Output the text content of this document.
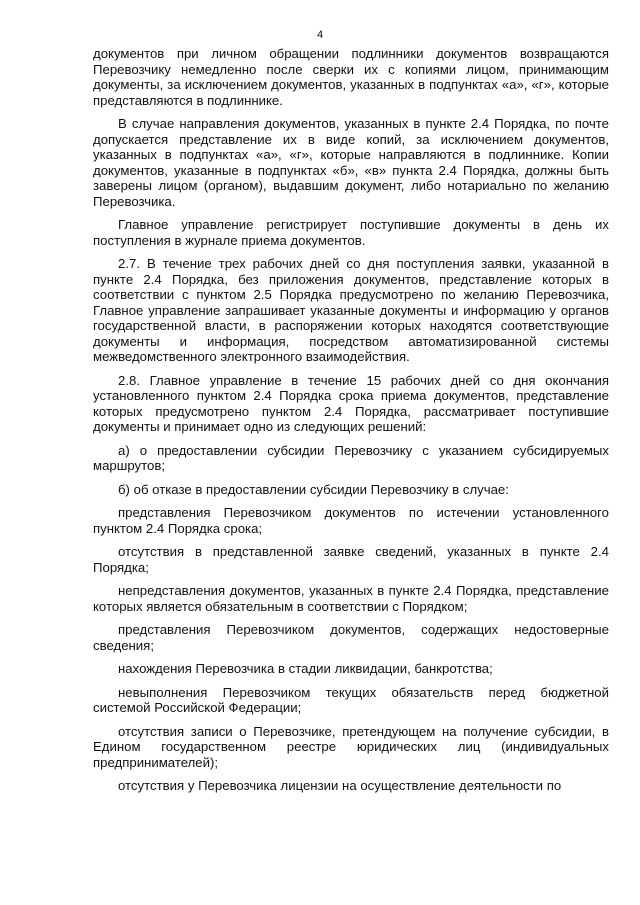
4

документов при личном обращении подлинники документов возвращаются Перевозчику немедленно после сверки их с копиями лицом, принимающим документы, за исключением документов, указанных в подпунктах «а», «г», которые представляются в подлиннике.

В случае направления документов, указанных в пункте 2.4 Порядка, по почте допускается представление их в виде копий, за исключением документов, указанных в подпунктах «а», «г», которые направляются в подлиннике. Копии документов, указанные в подпунктах «б», «в» пункта 2.4 Порядка, должны быть заверены лицом (органом), выдавшим документ, либо нотариально по желанию Перевозчика.

Главное управление регистрирует поступившие документы в день их поступления в журнале приема документов.

2.7. В течение трех рабочих дней со дня поступления заявки, указанной в пункте 2.4 Порядка, без приложения документов, представление которых в соответствии с пунктом 2.5 Порядка предусмотрено по желанию Перевозчика, Главное управление запрашивает указанные документы и информацию у органов государственной власти, в распоряжении которых находятся соответствующие документы и информация, посредством автоматизированной системы межведомственного электронного взаимодействия.

2.8. Главное управление в течение 15 рабочих дней со дня окончания установленного пунктом 2.4 Порядка срока приема документов, представление которых предусмотрено пунктом 2.4 Порядка, рассматривает поступившие документы и принимает одно из следующих решений:

а) о предоставлении субсидии Перевозчику с указанием субсидируемых маршрутов;

б) об отказе в предоставлении субсидии Перевозчику в случае:

представления Перевозчиком документов по истечении установленного пунктом 2.4 Порядка срока;

отсутствия в представленной заявке сведений, указанных в пункте 2.4 Порядка;

непредставления документов, указанных в пункте 2.4 Порядка, представление которых является обязательным в соответствии с Порядком;

представления Перевозчиком документов, содержащих недостоверные сведения;

нахождения Перевозчика в стадии ликвидации, банкротства;

невыполнения Перевозчиком текущих обязательств перед бюджетной системой Российской Федерации;

отсутствия записи о Перевозчике, претендующем на получение субсидии, в Едином государственном реестре юридических лиц (индивидуальных предпринимателей);

отсутствия у Перевозчика лицензии на осуществление деятельности по
